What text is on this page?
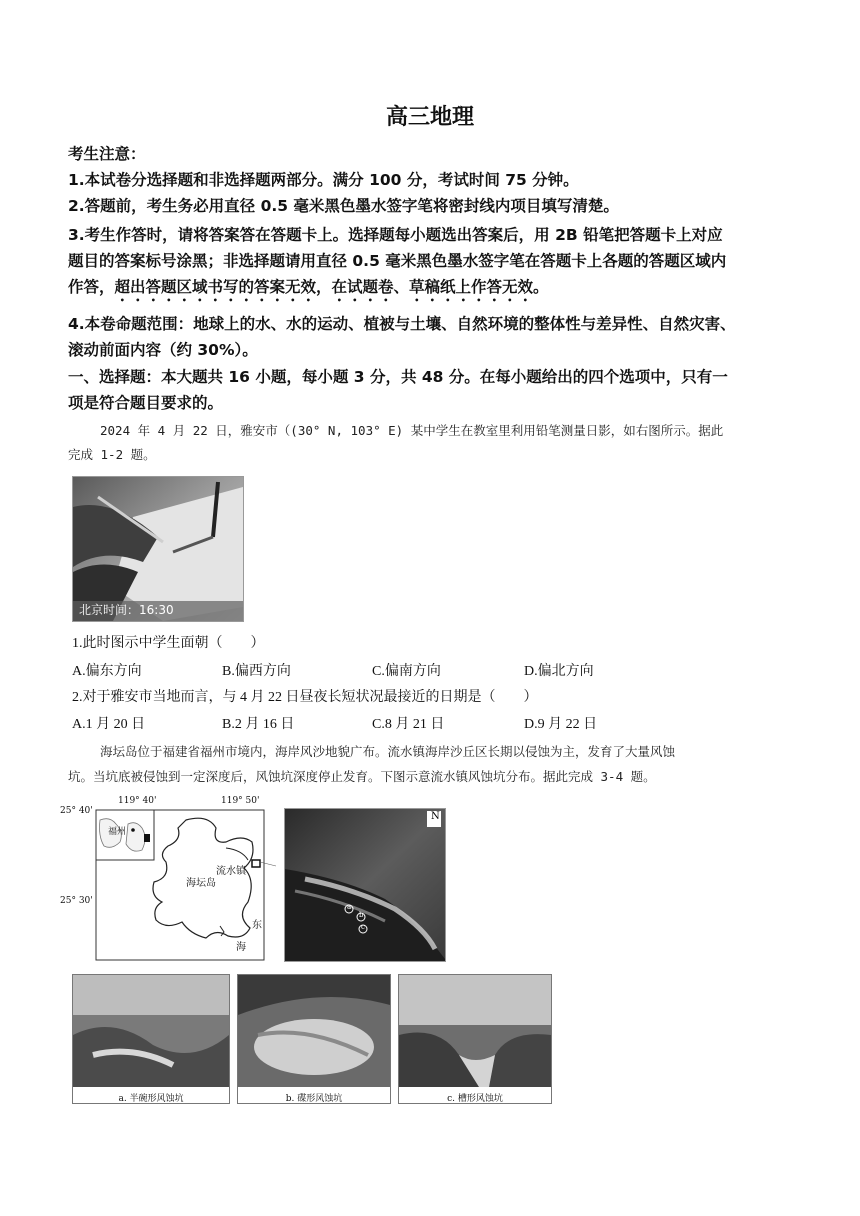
高三地理
考生注意：
1.本试卷分选择题和非选择题两部分。满分 100 分，考试时间 75 分钟。
2.答题前，考生务必用直径 0.5 毫米黑色墨水签字笔将密封线内项目填写清楚。
3.考生作答时，请将答案答在答题卡上。选择题每小题选出答案后，用 2B 铅笔把答题卡上对应
题目的答案标号涂黑；非选择题请用直径 0.5 毫米黑色墨水签字笔在答题卡上各题的答题区域内
作答，超出答题区域书写的答案无效，在试题卷、草稿纸上作答无效。
4.本卷命题范围：地球上的水、水的运动、植被与土壤、自然环境的整体性与差异性、自然灾害、
滚动前面内容（约 30%）。
一、选择题：本大题共 16 小题，每小题 3 分，共 48 分。在每小题给出的四个选项中，只有一
项是符合题目要求的。
2024 年 4 月 22 日，雅安市（(30° N, 103° E) 某中学生在教室里利用铅笔测量日影，如右图所示。据此
完成 1-2 题。
北京时间：16:30
1.此时图示中学生面朝（　　）
A.偏东方向	B.偏西方向	C.偏南方向	D.偏北方向
2.对于雅安市当地而言，与 4 月 22 日昼夜长短状况最接近的日期是（　　）
A.1 月 20 日	B.2 月 16 日	C.8 月 21 日	D.9 月 22 日
海坛岛位于福建省福州市境内，海岸风沙地貌广布。流水镇海岸沙丘区长期以侵蚀为主，发育了大量风蚀
坑。当坑底被侵蚀到一定深度后，风蚀坑深度停止发育。下图示意流水镇风蚀坑分布。据此完成 3-4 题。
119° 40'	119° 50'
25° 40'
25° 30'
福州
海坛岛
流水镇
东
海
N
a
b
c
a. 半碗形风蚀坑	b. 碟形风蚀坑	c. 槽形风蚀坑
